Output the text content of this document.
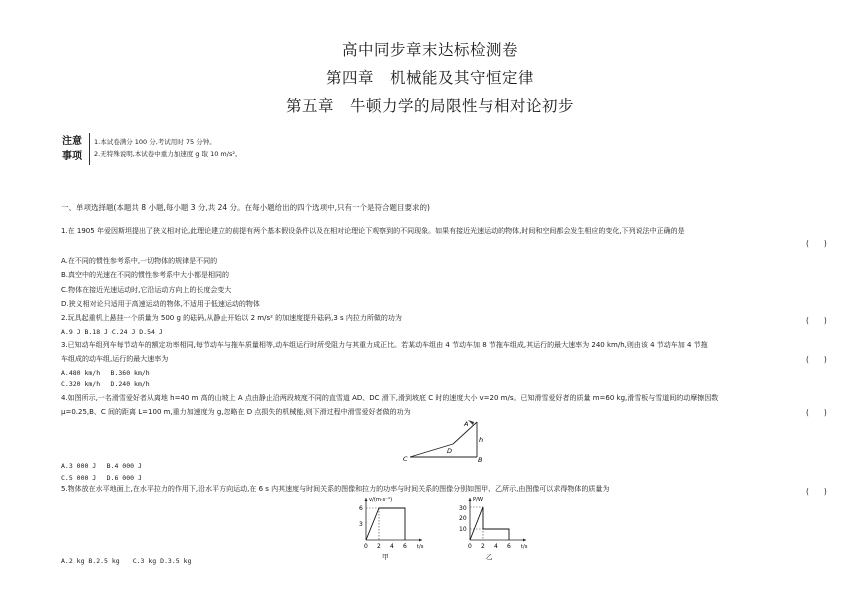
高中同步章末达标检测卷
第四章　机械能及其守恒定律
第五章　牛顿力学的局限性与相对论初步
注意
事项
1.本试卷满分 100 分,考试用时 75 分钟。
2.无特殊说明,本试卷中重力加速度 g 取 10 m/s²。
一、单项选择题(本题共 8 小题,每小题 3 分,共 24 分。在每小题给出的四个选项中,只有一个是符合题目要求的)
1.在 1905 年爱因斯坦提出了狭义相对论,此理论建立的前提有两个基本假设条件以及在相对论理论下观察到的不同现象。如果有接近光速运动的物体,时间和空间都会发生相应的变化,下列说法中正确的是
(　　)
A.在不同的惯性参考系中,一切物体的规律是不同的
B.真空中的光速在不同的惯性参考系中大小都是相同的
C.物体在接近光速运动时,它沿运动方向上的长度会变大
D.狭义相对论只适用于高速运动的物体,不适用于低速运动的物体
2.玩具起重机上悬挂一个质量为 500 g 的砝码,从静止开始以 2 m/s² 的加速度提升砝码,3 s 内拉力所做的功为	(　　)
A.9 J B.18 J C.24 J D.54 J
3.已知动车组列车每节动车的额定功率相同,每节动车与拖车质量相等,动车组运行时所受阻力与其重力成正比。若某动车组由 4 节动车加 8 节拖车组成,其运行的最大速率为 240 km/h,则由该 4 节动车加 4 节拖
车组成的动车组,运行的最大速率为	(　　)
A.480 km/h　 B.360 km/h
C.320 km/h　 D.240 km/h
4.如图所示,一名滑雪爱好者从离地 h=40 m 高的山坡上 A 点由静止沿两段坡度不同的直雪道 AD、DC 滑下,滑到坡底 C 时的速度大小 v=20 m/s。已知滑雪爱好者的质量 m=60 kg,滑雪板与雪道间的动摩擦因数
μ=0.25,B、C 间的距离 L=100 m,重力加速度为 g,忽略在 D 点损失的机械能,则下滑过程中滑雪爱好者做的功为	(　　)
A
h
D
C	B
A.3 000 J　 B.4 000 J
C.5 000 J　 D.6 000 J
5.物体放在水平地面上,在水平拉力的作用下,沿水平方向运动,在 6 s 内其速度与时间关系的图像和拉力的功率与时间关系的图像分别如图甲、乙所示,由图像可以求得物体的质量为	(　　)
v/(m·s⁻¹)
t/s
6
3
0 2 4 6
甲
P/W
t/s
30
20
10
0 2 4 6
乙
A.2 kg B.2.5 kg　　C.3 kg D.3.5 kg
